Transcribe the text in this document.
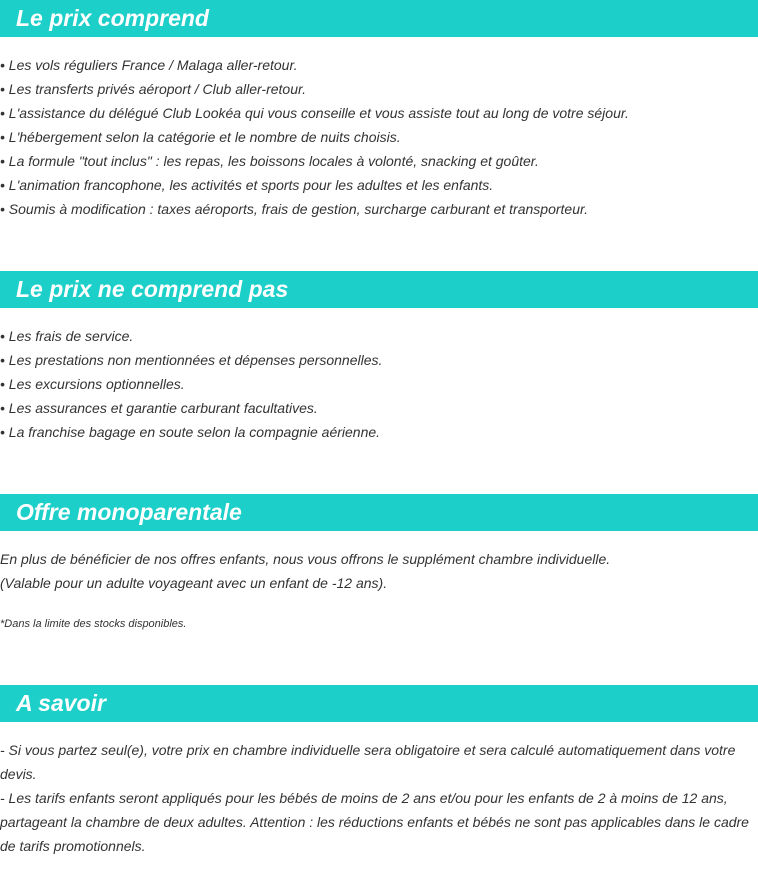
Le prix comprend
• Les vols réguliers France / Malaga aller-retour.
• Les transferts privés aéroport / Club aller-retour.
• L'assistance du délégué Club Lookéa qui vous conseille et vous assiste tout au long de votre séjour.
• L'hébergement selon la catégorie et le nombre de nuits choisis.
• La formule "tout inclus" : les repas, les boissons locales à volonté, snacking et goûter.
• L'animation francophone, les activités et sports pour les adultes et les enfants.
• Soumis à modification : taxes aéroports, frais de gestion, surcharge carburant et transporteur.
Le prix ne comprend pas
• Les frais de service.
• Les prestations non mentionnées et dépenses personnelles.
• Les excursions optionnelles.
• Les assurances et garantie carburant facultatives.
• La franchise bagage en soute selon la compagnie aérienne.
Offre monoparentale
En plus de bénéficier de nos offres enfants, nous vous offrons le supplément chambre individuelle.
(Valable pour un adulte voyageant avec un enfant de -12 ans).
*Dans la limite des stocks disponibles.
A savoir
- Si vous partez seul(e), votre prix en chambre individuelle sera obligatoire et sera calculé automatiquement dans votre devis.
- Les tarifs enfants seront appliqués pour les bébés de moins de 2 ans et/ou pour les enfants de 2 à moins de 12 ans, partageant la chambre de deux adultes. Attention : les réductions enfants et bébés ne sont pas applicables dans le cadre de tarifs promotionnels.
